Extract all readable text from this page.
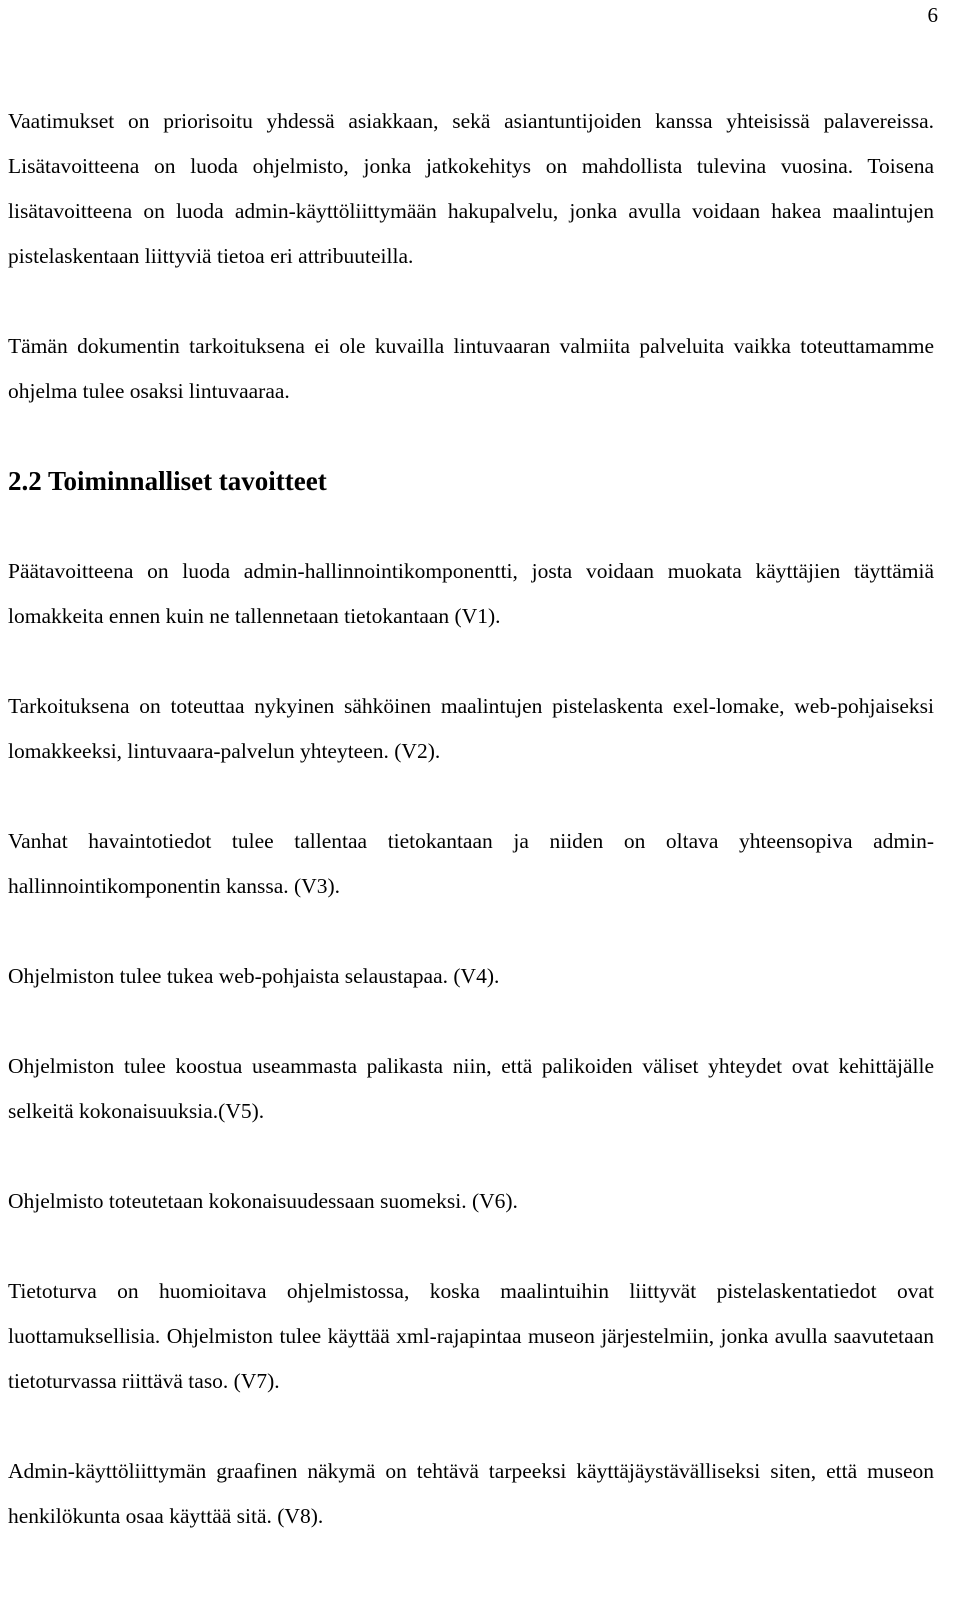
6

Vaatimukset on priorisoitu yhdessä asiakkaan, sekä asiantuntijoiden kanssa yhteisissä palavereissa. Lisätavoitteena on luoda ohjelmisto, jonka jatkokehitys on mahdollista tulevina vuosina. Toisena lisätavoitteena on luoda admin-käyttöliittymään hakupalvelu, jonka avulla voidaan hakea maalintujen pistelaskentaan liittyviä tietoa eri attribuuteilla.

Tämän dokumentin tarkoituksena ei ole kuvailla lintuvaaran valmiita palveluita vaikka toteuttamamme ohjelma tulee osaksi lintuvaaraa.

2.2 Toiminnalliset tavoitteet

Päätavoitteena on luoda admin-hallinnointikomponentti, josta voidaan muokata käyttäjien täyttämiä lomakkeita ennen kuin ne tallennetaan tietokantaan (V1).

Tarkoituksena on toteuttaa nykyinen sähköinen maalintujen pistelaskenta exel-lomake, web-pohjaiseksi lomakkeeksi, lintuvaara-palvelun yhteyteen. (V2).

Vanhat havaintotiedot tulee tallentaa tietokantaan ja niiden on oltava yhteensopiva admin-hallinnointikomponentin kanssa. (V3).

Ohjelmiston tulee tukea web-pohjaista selaustapaa. (V4).

Ohjelmiston tulee koostua useammasta palikasta niin, että palikoiden väliset yhteydet ovat kehittäjälle selkeitä kokonaisuuksia.(V5).

Ohjelmisto toteutetaan kokonaisuudessaan suomeksi. (V6).

Tietoturva on huomioitava ohjelmistossa, koska maalintuihin liittyvät pistelaskentatiedot ovat luottamuksellisia. Ohjelmiston tulee käyttää xml-rajapintaa museon järjestelmiin, jonka avulla saavutetaan tietoturvassa riittävä taso. (V7).

Admin-käyttöliittymän graafinen näkymä on tehtävä tarpeeksi käyttäjäystävälliseksi siten, että museon henkilökunta osaa käyttää sitä. (V8).
